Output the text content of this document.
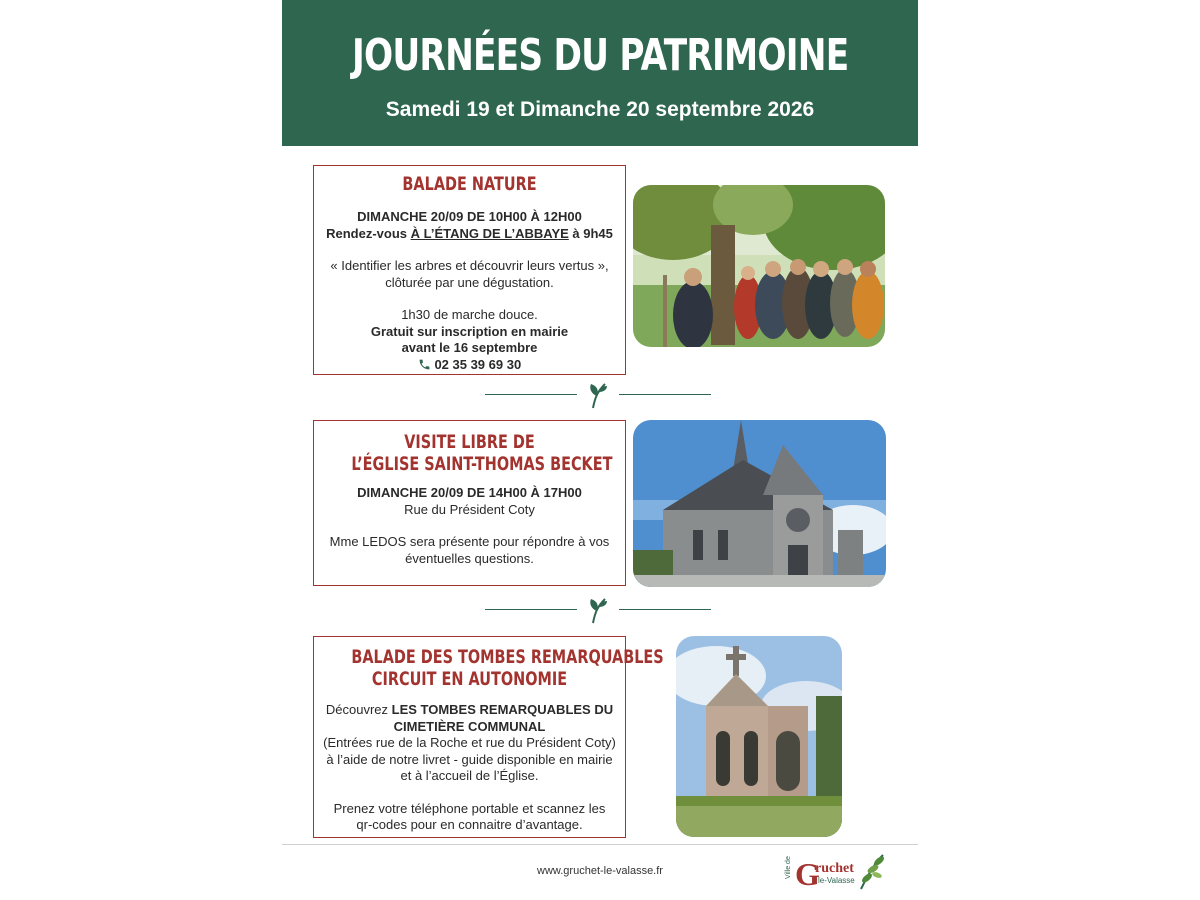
JOURNÉES DU PATRIMOINE
Samedi 19 et Dimanche 20 septembre 2026
BALADE NATURE
DIMANCHE 20/09 DE 10H00 À 12H00
Rendez-vous À L’ÉTANG DE L’ABBAYE à 9h45
« Identifier les arbres et découvrir leurs vertus »,
clôturée par une dégustation.
1h30 de marche douce.
Gratuit sur inscription en mairie
avant le 16 septembre
02 35 39 69 30
VISITE LIBRE DE
L’ÉGLISE SAINT-THOMAS BECKET
DIMANCHE 20/09 DE 14H00 À 17H00
Rue du Président Coty
Mme LEDOS sera présente pour répondre à vos
éventuelles questions.
BALADE DES TOMBES REMARQUABLES
CIRCUIT EN AUTONOMIE
Découvrez LES TOMBES REMARQUABLES DU
CIMETIÈRE COMMUNAL
(Entrées rue de la Roche et rue du Président Coty)
à l’aide de notre livret - guide disponible en mairie
et à l’accueil de l’Église.
Prenez votre téléphone portable et scannez les
qr-codes pour en connaitre d’avantage.
www.gruchet-le-valasse.fr	Ville de G
ruchet
le-Valasse
